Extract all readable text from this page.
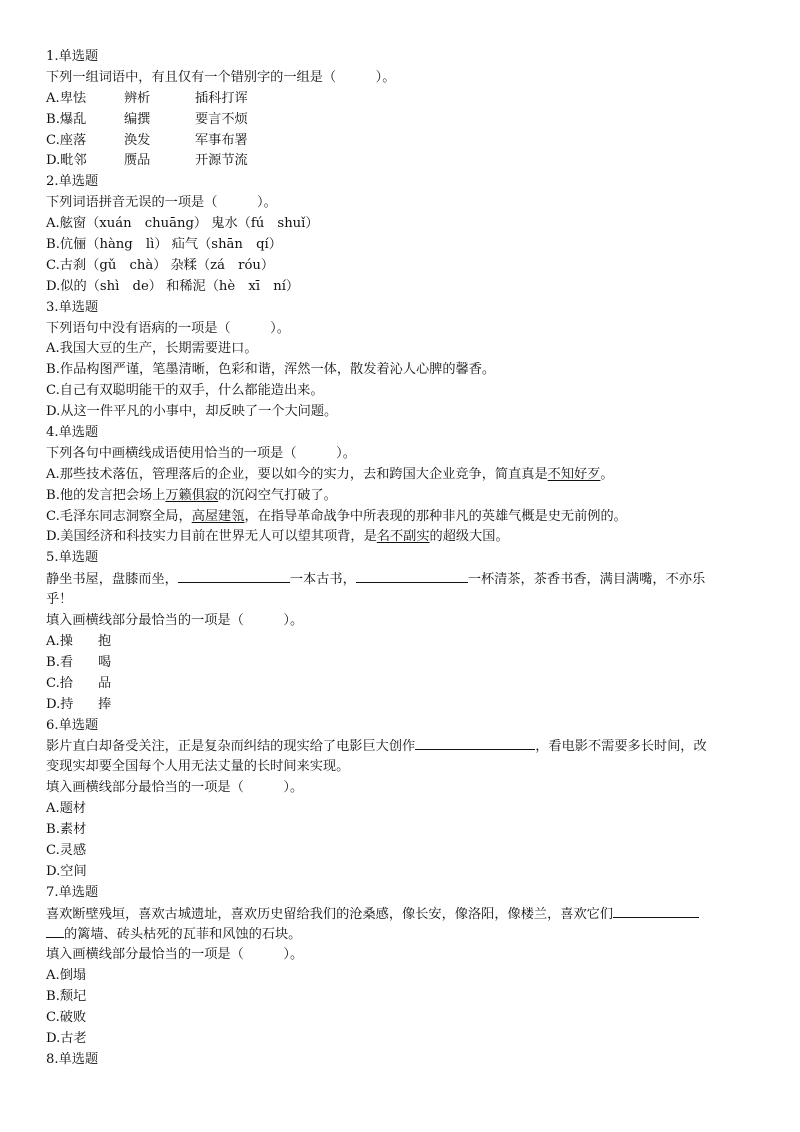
1.单选题
下列一组词语中，有且仅有一个错别字的一组是（　　　）。
A.卑怯	辨析	插科打诨
B.爆乱	编撰	要言不烦
C.座落	涣发	军事布署
D.毗邻	赝品	开源节流
2.单选题
下列词语拼音无误的一项是（　　　）。
A.舷窗（xuán　chuāng） 鬼水（fú　shuǐ）
B.伉俪（hàng　lì） 疝气（shān　qí）
C.古刹（gǔ　chà） 杂糅（zá　róu）
D.似的（shì　de） 和稀泥（hè　xī　ní）
3.单选题
下列语句中没有语病的一项是（　　　）。
A.我国大豆的生产，长期需要进口。
B.作品构图严谨，笔墨清晰，色彩和谐，浑然一体，散发着沁人心脾的馨香。
C.自己有双聪明能干的双手，什么都能造出来。
D.从这一件平凡的小事中，却反映了一个大问题。
4.单选题
下列各句中画横线成语使用恰当的一项是（　　　）。
A.那些技术落伍，管理落后的企业，要以如今的实力，去和跨国大企业竞争，简直真是不知好歹。
B.他的发言把会场上万籁俱寂的沉闷空气打破了。
C.毛泽东同志洞察全局，高屋建瓴，在指导革命战争中所表现的那种非凡的英雄气概是史无前例的。
D.美国经济和科技实力目前在世界无人可以望其项背，是名不副实的超级大国。
5.单选题
静坐书屋，盘膝而坐，	一本古书，	一杯清茶，茶香书香，满目满嘴，不亦乐
乎！
填入画横线部分最恰当的一项是（　　　）。
A.操 抱
B.看 喝
C.拾 品
D.持 捧
6.单选题
影片直白却备受关注，正是复杂而纠结的现实给了电影巨大创作	，看电影不需要多长时间，改
变现实却要全国每个人用无法丈量的长时间来实现。
填入画横线部分最恰当的一项是（　　　）。
A.题材
B.素材
C.灵感
D.空间
7.单选题
喜欢断壁残垣，喜欢古城遗址，喜欢历史留给我们的沧桑感，像长安，像洛阳，像楼兰，喜欢它们
的篱墙、砖头枯死的瓦菲和风蚀的石块。
填入画横线部分最恰当的一项是（　　　）。
A.倒塌
B.颓圮
C.破败
D.古老
8.单选题
